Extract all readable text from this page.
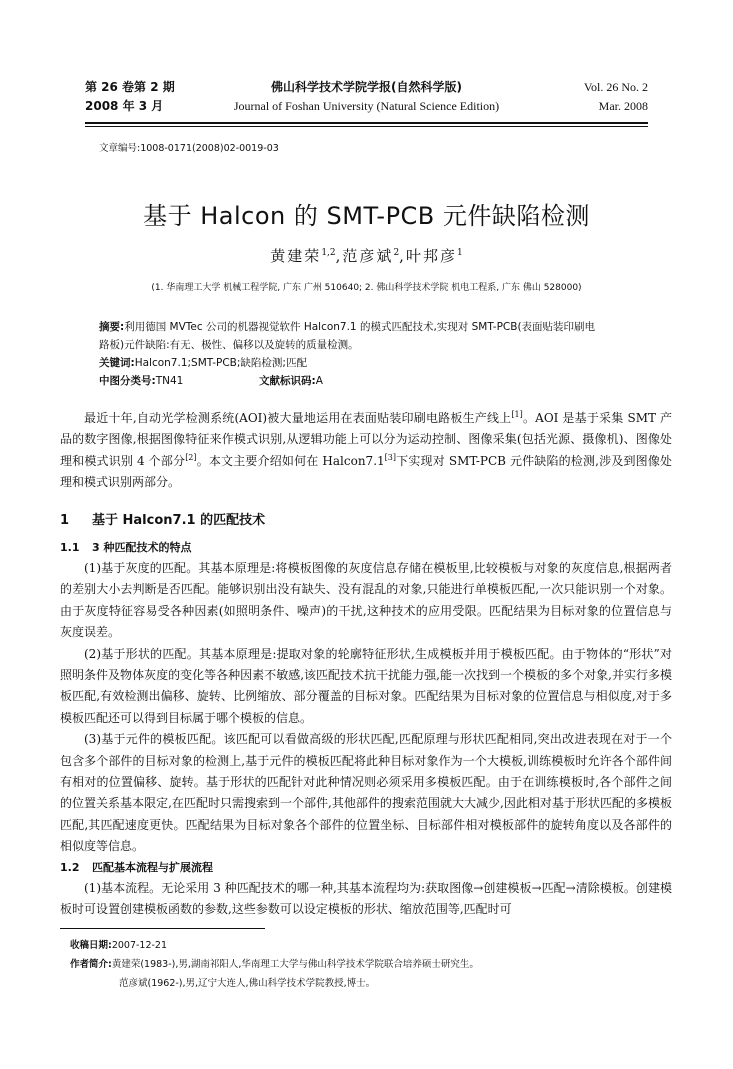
第 26 卷第 2 期
2008 年 3 月
佛山科学技术学院学报(自然科学版)
Journal of Foshan University (Natural Science Edition)
Vol. 26 No. 2
Mar. 2008
文章编号:1008-0171(2008)02-0019-03
基于 Halcon 的 SMT-PCB 元件缺陷检测
黄建荣$^{1,2}$,范彦斌$^2$,叶邦彦$^1$
(1. 华南理工大学 机械工程学院, 广东 广州 510640; 2. 佛山科学技术学院 机电工程系, 广东 佛山 528000)
摘要:利用德国 MVTec 公司的机器视觉软件 Halcon7.1 的模式匹配技术,实现对 SMT-PCB(表面贴装印刷电
路板)元件缺陷:有无、极性、偏移以及旋转的质量检测。
关键词:Halcon7.1;SMT-PCB;缺陷检测;匹配
中图分类号:TN41	文献标识码:A

最近十年,自动光学检测系统(AOI)被大量地运用在表面贴装印刷电路板生产线上[1]。AOI 是基于采集 SMT 产品的数字图像,根据图像特征来作模式识别,从逻辑功能上可以分为运动控制、图像采集(包括光源、摄像机)、图像处理和模式识别 4 个部分[2]。本文主要介绍如何在 Halcon7.1[3]下实现对 SMT-PCB 元件缺陷的检测,涉及到图像处理和模式识别两部分。

1 基于 Halcon7.1 的匹配技术
1.1 3 种匹配技术的特点

(1)基于灰度的匹配。其基本原理是:将模板图像的灰度信息存储在模板里,比较模板与对象的灰度信息,根据两者的差别大小去判断是否匹配。能够识别出没有缺失、没有混乱的对象,只能进行单模板匹配,一次只能识别一个对象。由于灰度特征容易受各种因素(如照明条件、噪声)的干扰,这种技术的应用受限。匹配结果为目标对象的位置信息与灰度误差。

(2)基于形状的匹配。其基本原理是:提取对象的轮廓特征形状,生成模板并用于模板匹配。由于物体的“形状”对照明条件及物体灰度的变化等各种因素不敏感,该匹配技术抗干扰能力强,能一次找到一个模板的多个对象,并实行多模板匹配,有效检测出偏移、旋转、比例缩放、部分覆盖的目标对象。匹配结果为目标对象的位置信息与相似度,对于多模板匹配还可以得到目标属于哪个模板的信息。

(3)基于元件的模板匹配。该匹配可以看做高级的形状匹配,匹配原理与形状匹配相同,突出改进表现在对于一个包含多个部件的目标对象的检测上,基于元件的模板匹配将此种目标对象作为一个大模板,训练模板时允许各个部件间有相对的位置偏移、旋转。基于形状的匹配针对此种情况则必须采用多模板匹配。由于在训练模板时,各个部件之间的位置关系基本限定,在匹配时只需搜索到一个部件,其他部件的搜索范围就大大减少,因此相对基于形状匹配的多模板匹配,其匹配速度更快。匹配结果为目标对象各个部件的位置坐标、目标部件相对模板部件的旋转角度以及各部件的相似度等信息。

1.2 匹配基本流程与扩展流程

(1)基本流程。无论采用 3 种匹配技术的哪一种,其基本流程均为:获取图像→创建模板→匹配→清除模板。创建模板时可设置创建模板函数的参数,这些参数可以设定模板的形状、缩放范围等,匹配时可

收稿日期:2007-12-21
作者简介:黄建荣(1983-),男,湖南祁阳人,华南理工大学与佛山科学技术学院联合培养硕士研究生。
范彦斌(1962-),男,辽宁大连人,佛山科学技术学院教授,博士。
